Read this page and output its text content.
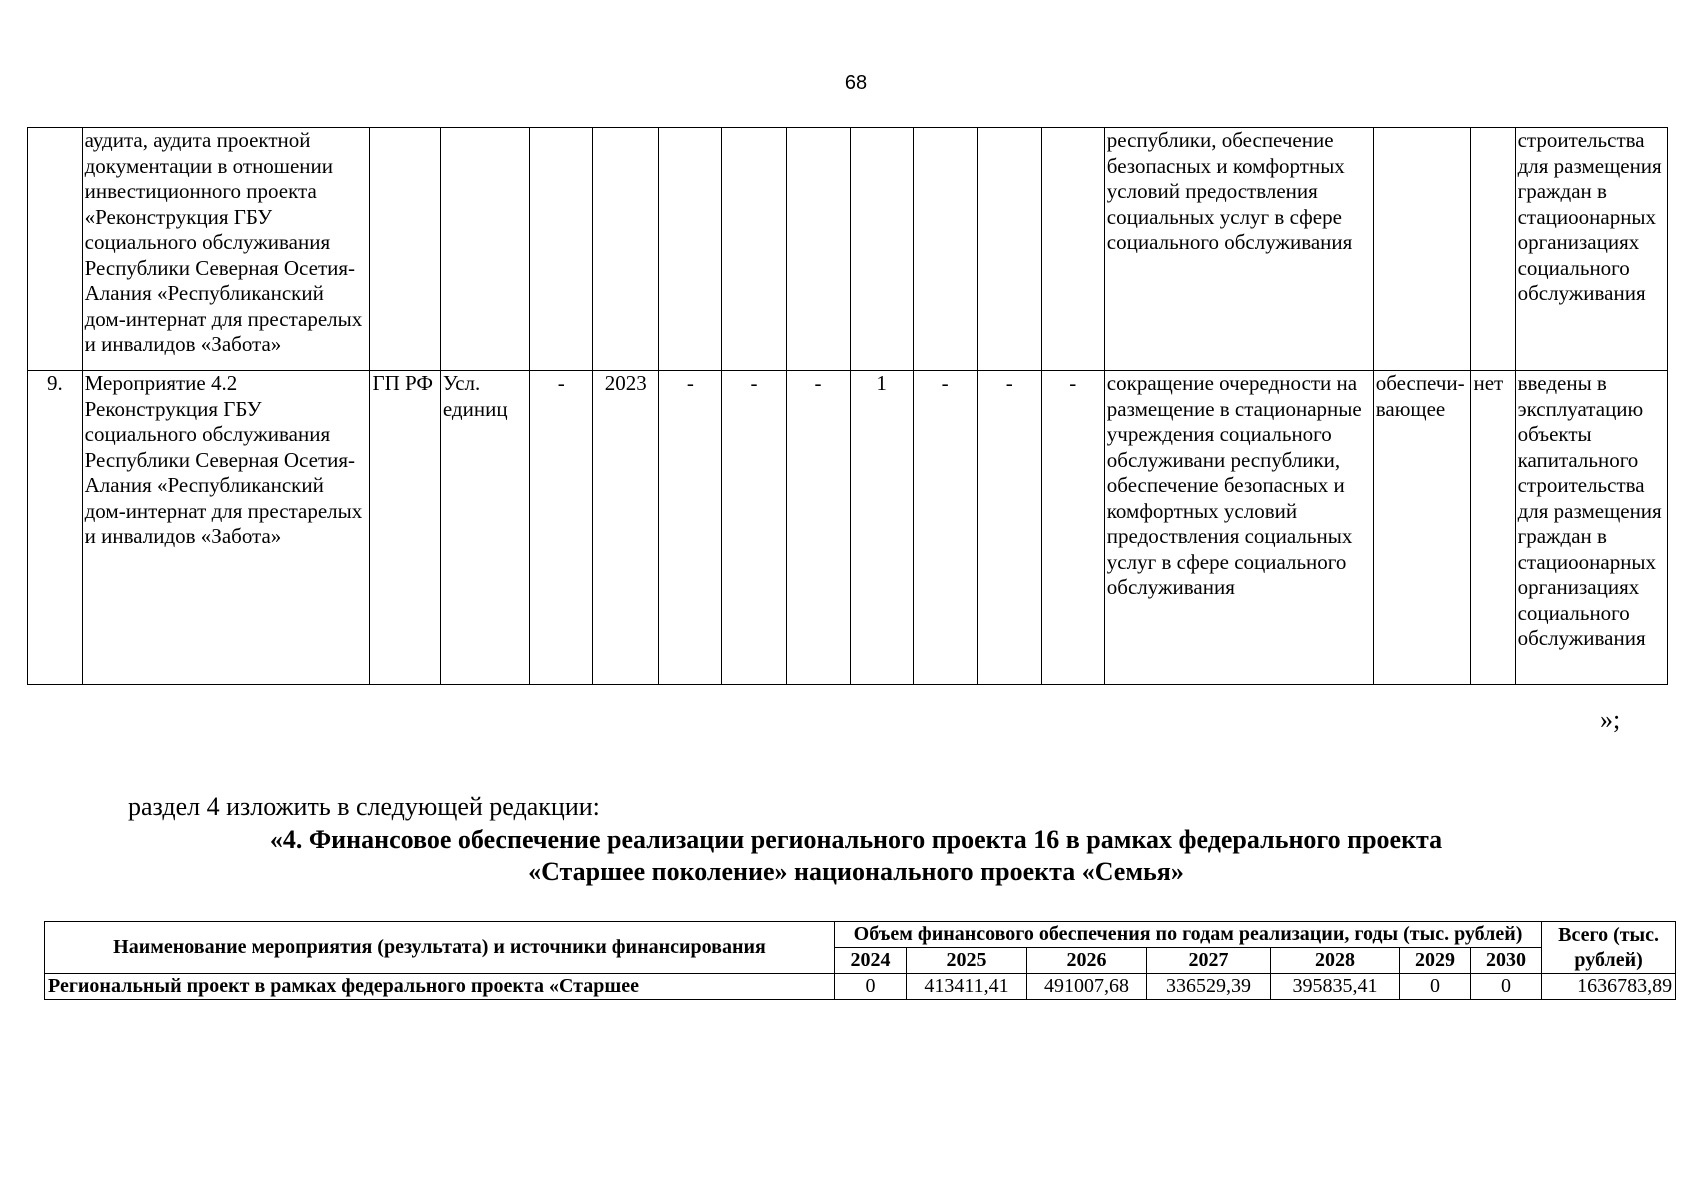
68
	аудита, аудита проектной документации в отношении инвестиционного проекта «Реконструкция ГБУ социального обслуживания Республики Северная Осетия-Алания «Республиканский дом-интернат для престарелых и инвалидов «Забота»												республики, обеспечение безопасных и комфортных условий предоствления социальных услуг в сфере социального обслуживания			строительства для размещения граждан в стациоонарных организациях социального обслуживания
9.	Мероприятие 4.2 Реконструкция ГБУ социального обслуживания Республики Северная Осетия-Алания «Республиканский дом-интернат для престарелых и инвалидов «Забота»	ГП РФ	Усл. единиц	-	2023	-	-	-	1	-	-	-	сокращение очередности на размещение в стационарные учреждения социального обслуживани республики, обеспечение безопасных и комфортных условий предоствления социальных услуг в сфере социального обслуживания	обеспечи-вающее	нет	введены в эксплуатацию объекты капитального строительства для размещения граждан в стациоонарных организациях социального обслуживания
»;
раздел 4 изложить в следующей редакции:
«4. Финансовое обеспечение реализации регионального проекта 16 в рамках федерального проекта
«Старшее поколение» национального проекта «Семья»
Наименование мероприятия (результата) и источники финансирования	Объем финансового обеспечения по годам реализации, годы (тыс. рублей)							Всего (тыс. рублей)
	2024	2025	2026	2027	2028	2029	2030	
Региональный проект в рамках федерального проекта «Старшее	0	413411,41	491007,68	336529,39	395835,41	0	0	1636783,89
